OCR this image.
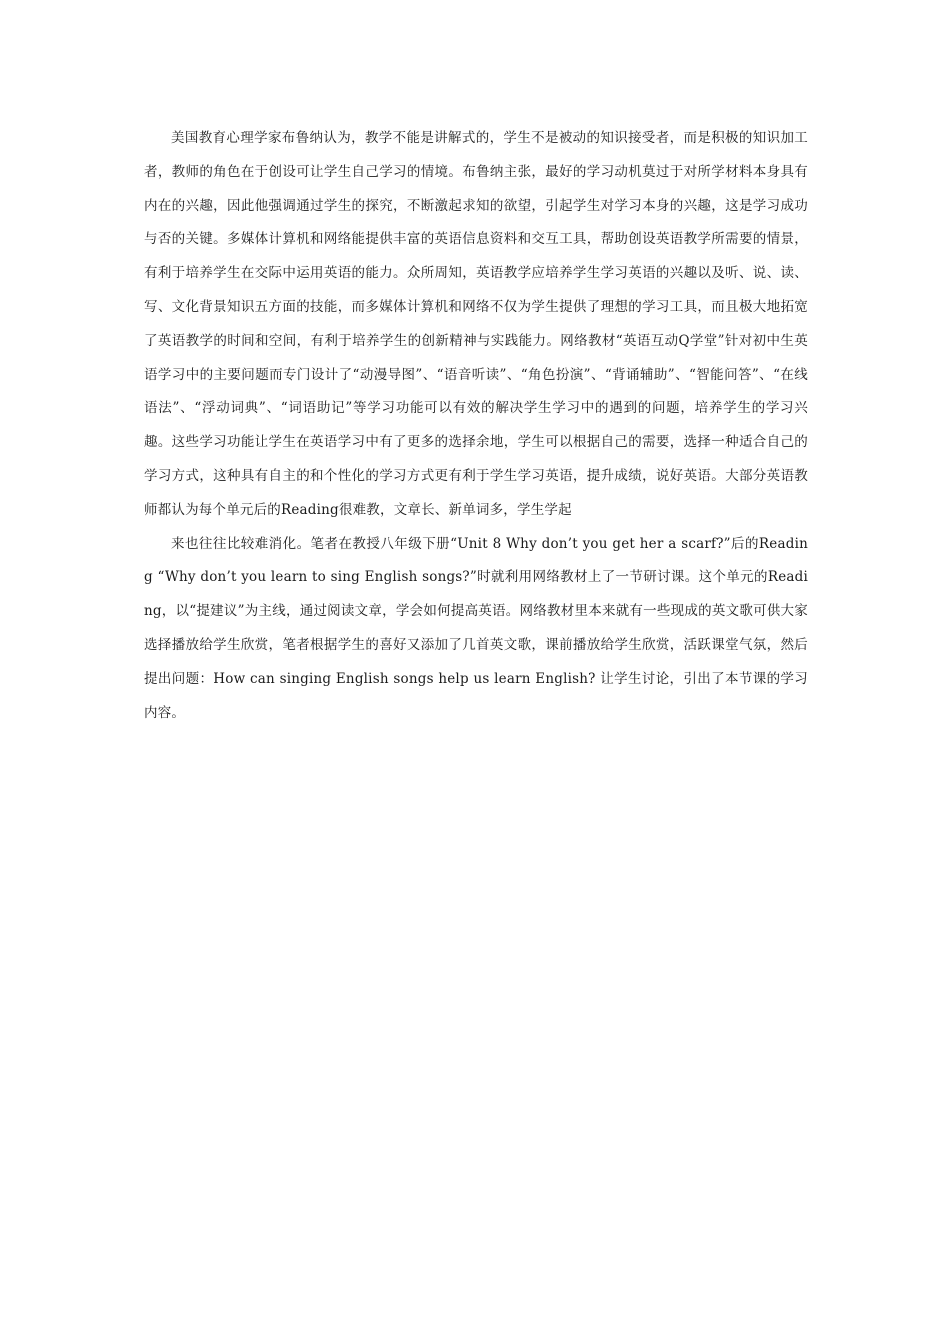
美国教育心理学家布鲁纳认为，教学不能是讲解式的，学生不是被动的知识接受者，而是积极的知识加工者，教师的角色在于创设可让学生自己学习的情境。布鲁纳主张，最好的学习动机莫过于对所学材料本身具有内在的兴趣，因此他强调通过学生的探究，不断激起求知的欲望，引起学生对学习本身的兴趣，这是学习成功与否的关键。多媒体计算机和网络能提供丰富的英语信息资料和交互工具，帮助创设英语教学所需要的情景，有利于培养学生在交际中运用英语的能力。众所周知，英语教学应培养学生学习英语的兴趣以及听、说、读、写、文化背景知识五方面的技能，而多媒体计算机和网络不仅为学生提供了理想的学习工具，而且极大地拓宽了英语教学的时间和空间，有利于培养学生的创新精神与实践能力。网络教材“英语互动Q学堂”针对初中生英语学习中的主要问题而专门设计了“动漫导图”、“语音听读”、“角色扮演”、“背诵辅助”、“智能问答”、“在线语法”、“浮动词典”、“词语助记”等学习功能可以有效的解决学生学习中的遇到的问题，培养学生的学习兴趣。这些学习功能让学生在英语学习中有了更多的选择余地，学生可以根据自己的需要，选择一种适合自己的学习方式，这种具有自主的和个性化的学习方式更有利于学生学习英语，提升成绩，说好英语。大部分英语教师都认为每个单元后的Reading很难教，文章长、新单词多，学生学起

来也往往比较难消化。笔者在教授八年级下册“Unit 8 Why don’t you get her a scarf?”后的Reading “Why don’t you learn to sing English songs?”时就利用网络教材上了一节研讨课。这个单元的Reading，以“提建议”为主线，通过阅读文章，学会如何提高英语。网络教材里本来就有一些现成的英文歌可供大家选择播放给学生欣赏，笔者根据学生的喜好又添加了几首英文歌，课前播放给学生欣赏，活跃课堂气氛，然后提出问题：How can singing English songs help us learn English? 让学生讨论，引出了本节课的学习内容。
